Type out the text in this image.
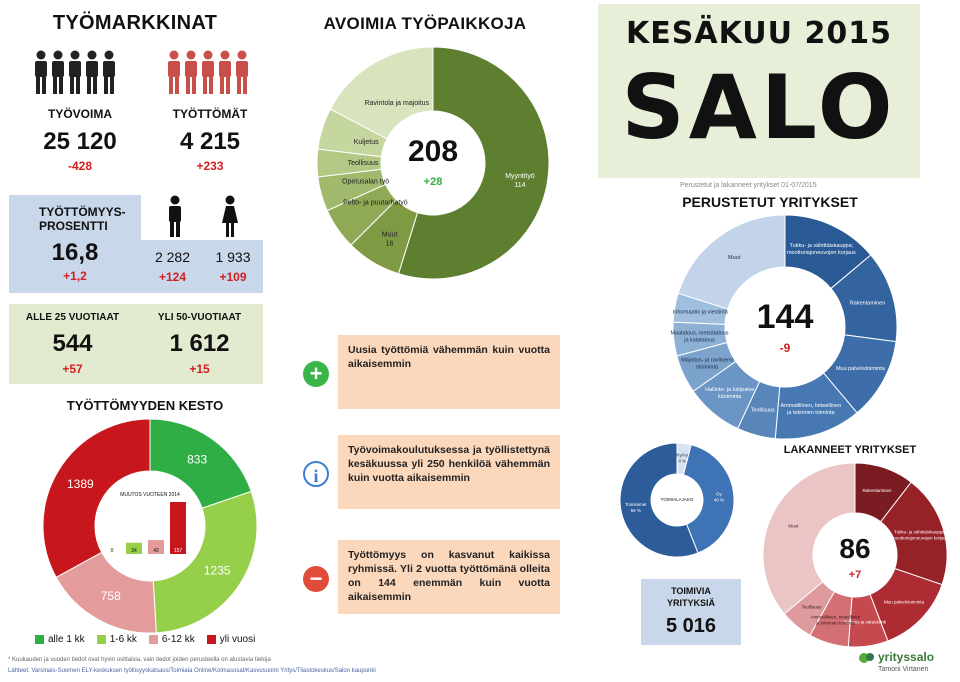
TYÖMARKKINAT
TYÖVOIMA
25 120
-428
TYÖTTÖMÄT
4 215
+233
TYÖTTÖMYYS-
PROSENTTI
16,8
+1,2
2 282
+124
1 933
+109
ALLE 25 VUOTIAAT
544
+57
YLI 50-VUOTIAAT
1 612
+15
TYÖTTÖMYYDEN KESTO
833
1235
758
1389
MUUTOS VUOTEEN 2014
0	34	42	157
alle 1 kk	1-6 kk	6-12 kk	yli vuosi
AVOIMIA TYÖPAIKKOJA
Myyntityö
114
Muut
16
Pelto- ja puutarhatyö
Opetusalan työ
Teollisuus
Kuljetus
Ravintola ja majoitus
208
+28
+
Uusia työttömiä vähemmän kuin vuotta aikaisemmin
i
Työvoimakoulutuksessa ja työllistettynä kesäkuussa yli 250 henkilöä vähemmän kuin vuotta aikaisemmin
−
Työttömyys on kasvanut kaikissa ryhmissä. Yli 2 vuotta työttömänä olleita on 144 enemmän kuin vuotta aikaisemmin
KESÄKUU 2015
SALO
Perustetut ja lakanneet yritykset 01-07/2015
PERUSTETUT YRITYKSET
Tukku- ja vähittäiskauppa;
moottoriajoneuvojen korjaus
Rakentaminen
Muu palvelutoiminta
Ammatillinen, tieteellinen
ja tekninen toiminta
Teollisuus
Hallinto- ja tukipalve
lutoiminta
Majoitus- ja ravitsemi
stoiminta
Maatalous, metsätalous
ja kalatalous
Informaatio ja viestintä
Muut
144
-9
Ky/Ay
4 %
Oy
40 %
Toiminimet
56 %
TOIMIALAJAKO
TOIMIVIA
YRITYKSIÄ
5 016
LAKANNEET YRITYKSET
Rakentaminen
Tukku- ja vähittäiskauppa;
moottoriajoneuvojen korjaus
Muu palvelutoiminta
Kuljetus ja varastointi
Ammatillinen, tieteellinen
ja tekninen toiminta
Teollisuus
Muut
86
+7
yrityssalo
Tamoni Virtanen
* Kuukauden ja vuoden tiedot ovat hyvin osittaisia, vain tiedot joiden perusteella on alustavia tietoja
Lähteet: Varsinais-Suomen ELY-keskuksen työllisyyskatsaus/Toimiala Online/Kolmasosat/Kasvusuomi Yritys/Tilastokeskus/Salon kaupunki
